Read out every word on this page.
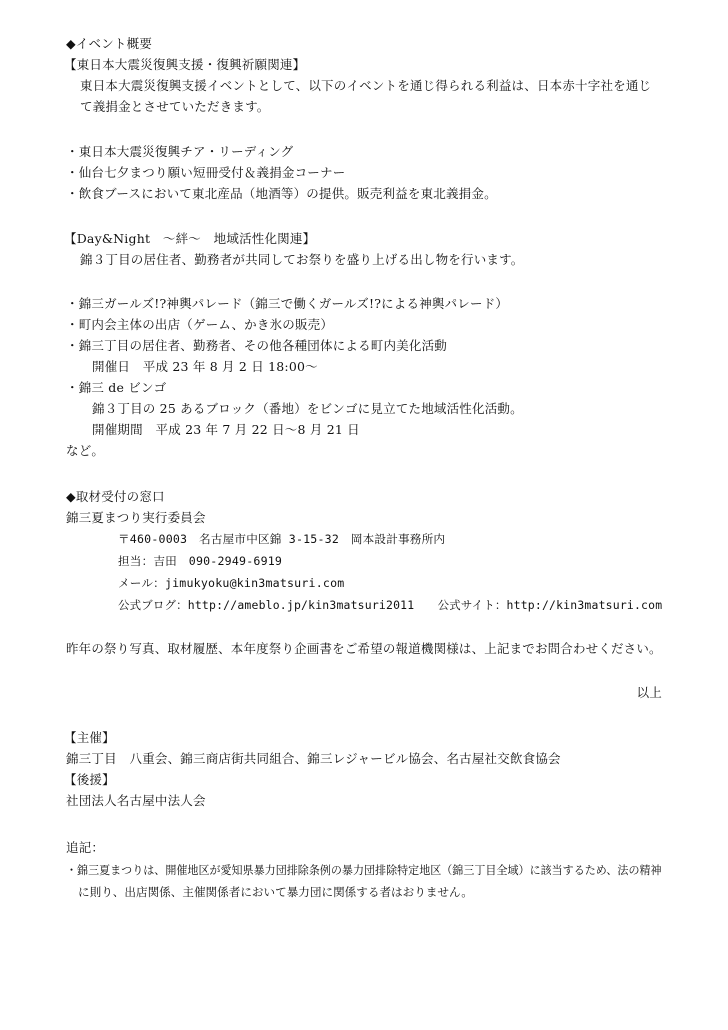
◆イベント概要
【東日本大震災復興支援・復興祈願関連】
東日本大震災復興支援イベントとして、以下のイベントを通じ得られる利益は、日本赤十字社を通じ
て義捐金とさせていただきます。
・東日本大震災復興チア・リーディング
・仙台七夕まつり願い短冊受付＆義捐金コーナー
・飲食ブースにおいて東北産品（地酒等）の提供。販売利益を東北義捐金。
【Day&Night　～絆～　地域活性化関連】
錦３丁目の居住者、勤務者が共同してお祭りを盛り上げる出し物を行います。
・錦三ガールズ!?神輿パレード（錦三で働くガールズ!?による神輿パレード）
・町内会主体の出店（ゲーム、かき氷の販売）
・錦三丁目の居住者、勤務者、その他各種団体による町内美化活動
開催日　平成 23 年 8 月 2 日 18:00～
・錦三 de ビンゴ
錦３丁目の 25 あるブロック（番地）をビンゴに見立てた地域活性化活動。
開催期間　平成 23 年 7 月 22 日～8 月 21 日
など。
◆取材受付の窓口
錦三夏まつり実行委員会
〒460-0003　名古屋市中区錦 3-15-32　岡本設計事務所内
担当：吉田　090-2949-6919
メール：jimukyoku@kin3matsuri.com
公式ブログ：http://ameblo.jp/kin3matsuri2011　　公式サイト：http://kin3matsuri.com
昨年の祭り写真、取材履歴、本年度祭り企画書をご希望の報道機関様は、上記までお問合わせください。
以上
【主催】
錦三丁目　八重会、錦三商店街共同組合、錦三レジャービル協会、名古屋社交飲食協会
【後援】
社団法人名古屋中法人会
追記：
・錦三夏まつりは、開催地区が愛知県暴力団排除条例の暴力団排除特定地区（錦三丁目全域）に該当するため、法の精神
に則り、出店関係、主催関係者において暴力団に関係する者はおりません。
